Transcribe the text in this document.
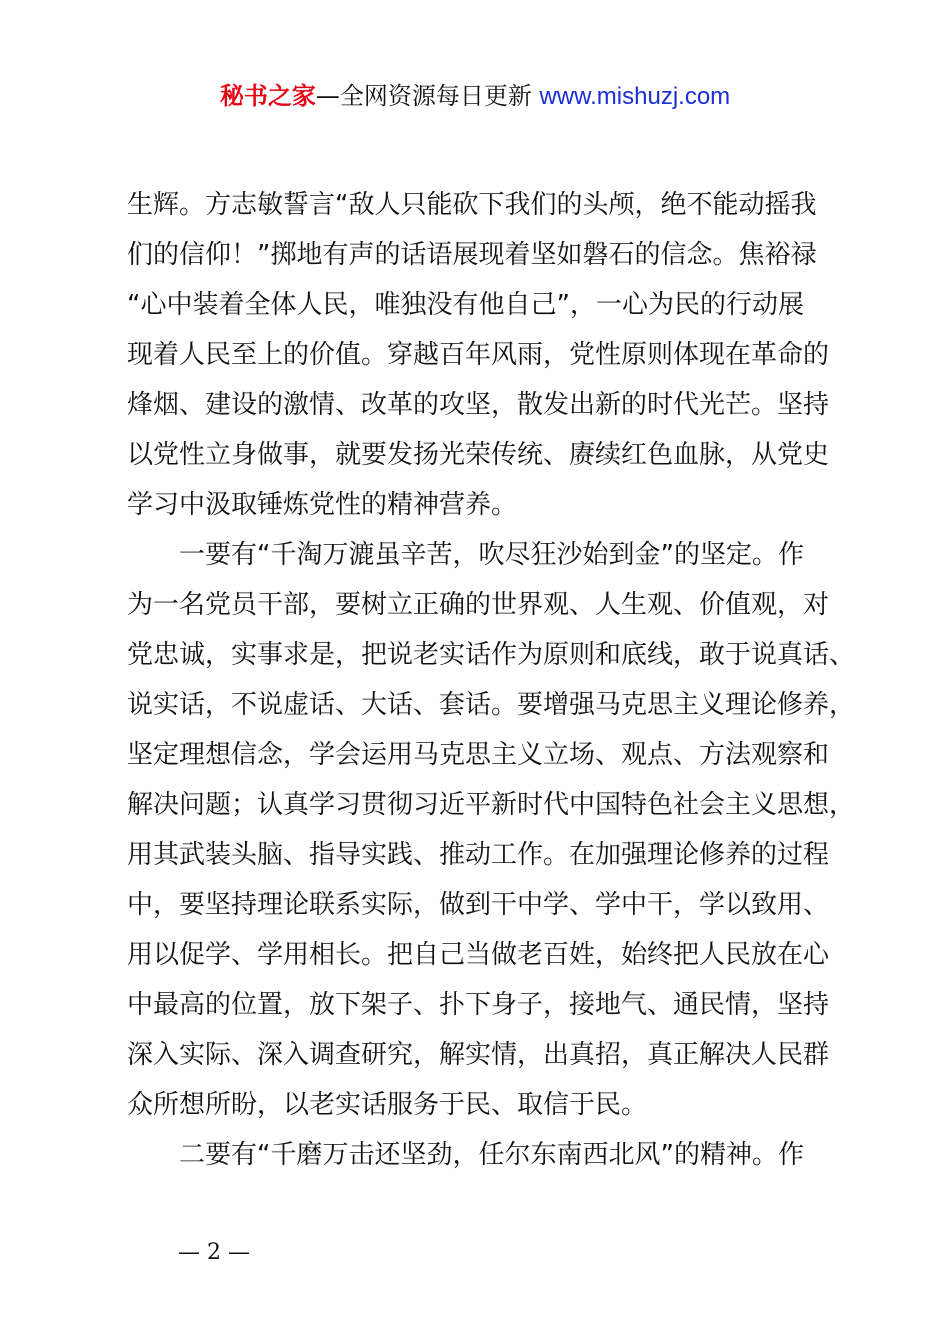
秘书之家—全网资源每日更新 www.mishuzj.com
生辉。方志敏誓言“敌人只能砍下我们的头颅，绝不能动摇我
们的信仰！”掷地有声的话语展现着坚如磐石的信念。焦裕禄
“心中装着全体人民，唯独没有他自己”，一心为民的行动展
现着人民至上的价值。穿越百年风雨，党性原则体现在革命的
烽烟、建设的激情、改革的攻坚，散发出新的时代光芒。坚持
以党性立身做事，就要发扬光荣传统、赓续红色血脉，从党史
学习中汲取锤炼党性的精神营养。
一要有“千淘万漉虽辛苦，吹尽狂沙始到金”的坚定。作
为一名党员干部，要树立正确的世界观、人生观、价值观，对
党忠诚，实事求是，把说老实话作为原则和底线，敢于说真话、
说实话，不说虚话、大话、套话。要增强马克思主义理论修养，
坚定理想信念，学会运用马克思主义立场、观点、方法观察和
解决问题；认真学习贯彻习近平新时代中国特色社会主义思想，
用其武装头脑、指导实践、推动工作。在加强理论修养的过程
中，要坚持理论联系实际，做到干中学、学中干，学以致用、
用以促学、学用相长。把自己当做老百姓，始终把人民放在心
中最高的位置，放下架子、扑下身子，接地气、通民情，坚持
深入实际、深入调查研究，解实情，出真招，真正解决人民群
众所想所盼，以老实话服务于民、取信于民。
二要有“千磨万击还坚劲，任尔东南西北风”的精神。作
— 2 —
